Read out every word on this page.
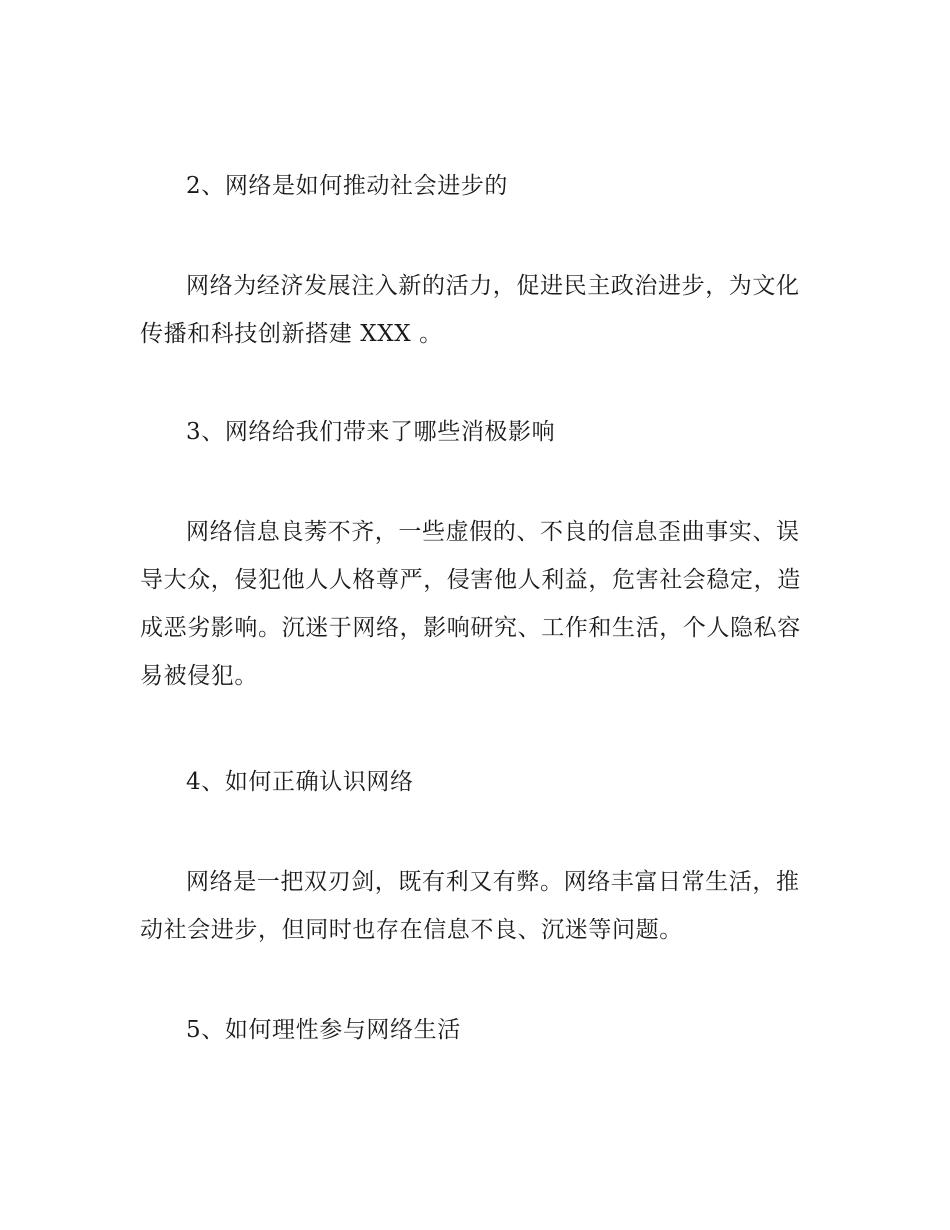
2、网络是如何推动社会进步的

网络为经济发展注入新的活力，促进民主政治进步，为文化传播和科技创新搭建 XXX 。

3、网络给我们带来了哪些消极影响

网络信息良莠不齐，一些虚假的、不良的信息歪曲事实、误导大众，侵犯他人人格尊严，侵害他人利益，危害社会稳定，造成恶劣影响。沉迷于网络，影响研究、工作和生活，个人隐私容易被侵犯。

4、如何正确认识网络

网络是一把双刃剑，既有利又有弊。网络丰富日常生活，推动社会进步，但同时也存在信息不良、沉迷等问题。

5、如何理性参与网络生活
